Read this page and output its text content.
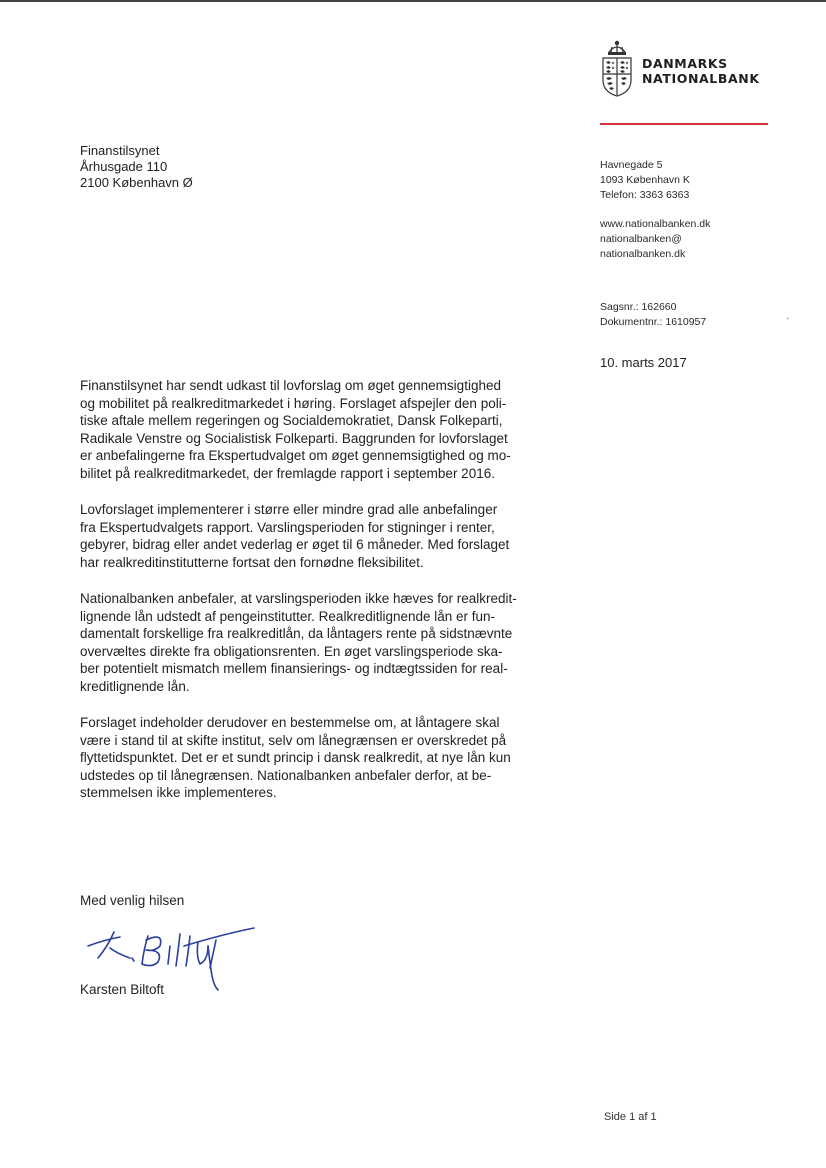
DANMARKS
NATIONALBANK
Finanstilsynet
Århusgade 110
2100 København Ø
Havnegade 5
1093 København K
Telefon: 3363 6363
www.nationalbanken.dk
nationalbanken@
nationalbanken.dk
Sagsnr.: 162660
Dokumentnr.: 1610957	'
10. marts 2017
Finanstilsynet har sendt udkast til lovforslag om øget gennemsigtighed
og mobilitet på realkreditmarkedet i høring. Forslaget afspejler den poli-
tiske aftale mellem regeringen og Socialdemokratiet, Dansk Folkeparti,
Radikale Venstre og Socialistisk Folkeparti. Baggrunden for lovforslaget
er anbefalingerne fra Ekspertudvalget om øget gennemsigtighed og mo-
bilitet på realkreditmarkedet, der fremlagde rapport i september 2016.
Lovforslaget implementerer i større eller mindre grad alle anbefalinger
fra Ekspertudvalgets rapport. Varslingsperioden for stigninger i renter,
gebyrer, bidrag eller andet vederlag er øget til 6 måneder. Med forslaget
har realkreditinstitutterne fortsat den fornødne fleksibilitet.
Nationalbanken anbefaler, at varslingsperioden ikke hæves for realkredit-
lignende lån udstedt af pengeinstitutter. Realkreditlignende lån er fun-
damentalt forskellige fra realkreditlån, da låntagers rente på sidstnævnte
overvæltes direkte fra obligationsrenten. En øget varslingsperiode ska-
ber potentielt mismatch mellem finansierings- og indtægtssiden for real-
kreditlignende lån.
Forslaget indeholder derudover en bestemmelse om, at låntagere skal
være i stand til at skifte institut, selv om lånegrænsen er overskredet på
flyttetidspunktet. Det er et sundt princip i dansk realkredit, at nye lån kun
udstedes op til lånegrænsen. Nationalbanken anbefaler derfor, at be-
stemmelsen ikke implementeres.
Med venlig hilsen
Karsten Biltoft
Side 1 af 1
